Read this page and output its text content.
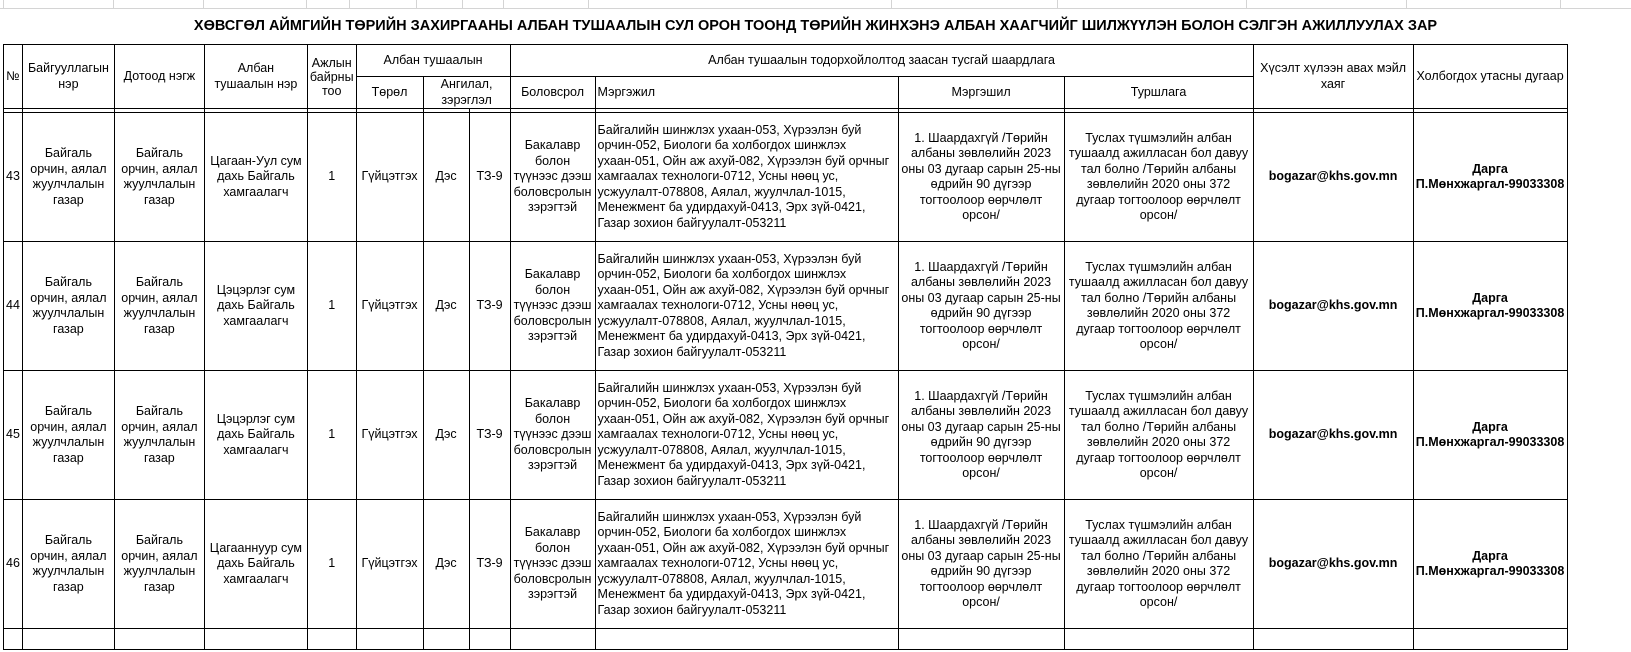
ХӨВСГӨЛ АЙМГИЙН ТӨРИЙН ЗАХИРГААНЫ АЛБАН ТУШААЛЫН СУЛ ОРОН ТООНД ТӨРИЙН ЖИНХЭНЭ АЛБАН ХААГЧИЙГ ШИЛЖҮҮЛЭН БОЛОН СЭЛГЭН АЖИЛЛУУЛАХ ЗАР
№	Байгууллагын нэр	Дотоод нэгж	Албан тушаалын нэр	Ажлын байрны тоо	Албан тушаалын			Албан тушаалын тодорхойлолтод заасан тусгай шаардлага				Хүсэлт хүлээн авах мэйл хаяг	Холбогдох утасны дугаар
					Төрөл	Ангилал, зэрэглэл		Боловсрол	Мэргэжил	Мэргэшил	Туршлага		

43	Байгаль орчин, аялал жуулчлалын газар	Байгаль орчин, аялал жуулчлалын газар	Цагаан-Уул сум дахь Байгаль хамгаалагч	1	Гүйцэтгэх	Дэс	ТЗ-9	Бакалавр болон түүнээс дээш боловсролын зэрэгтэй	Байгалийн шинжлэх ухаан-053, Хүрээлэн буй орчин-052, Биологи ба холбогдох шинжлэх ухаан-051, Ойн аж ахуй-082, Хүрээлэн буй орчныг хамгаалах технологи-0712, Усны нөөц ус, усжуулалт-078808, Аялал, жуулчлал-1015, Менежмент ба удирдахуй-0413, Эрх зүй-0421, Газар зохион байгуулалт-053211	1. Шаардахгүй /Төрийн албаны зөвлөлийн 2023 оны 03 дугаар сарын 25-ны өдрийн 90 дүгээр тогтоолоор өөрчлөлт орсон/	Туслах түшмэлийн албан тушаалд ажилласан бол давуу тал болно /Төрийн албаны зөвлөлийн 2020 оны 372 дугаар тогтоолоор өөрчлөлт орсон/	bogazar@khs.gov.mn	Дарга П.Мөнхжаргал-99033308
44	Байгаль орчин, аялал жуулчлалын газар	Байгаль орчин, аялал жуулчлалын газар	Цэцэрлэг сум дахь Байгаль хамгаалагч	1	Гүйцэтгэх	Дэс	ТЗ-9	Бакалавр болон түүнээс дээш боловсролын зэрэгтэй	Байгалийн шинжлэх ухаан-053, Хүрээлэн буй орчин-052, Биологи ба холбогдох шинжлэх ухаан-051, Ойн аж ахуй-082, Хүрээлэн буй орчныг хамгаалах технологи-0712, Усны нөөц ус, усжуулалт-078808, Аялал, жуулчлал-1015, Менежмент ба удирдахуй-0413, Эрх зүй-0421, Газар зохион байгуулалт-053211	1. Шаардахгүй /Төрийн албаны зөвлөлийн 2023 оны 03 дугаар сарын 25-ны өдрийн 90 дүгээр тогтоолоор өөрчлөлт орсон/	Туслах түшмэлийн албан тушаалд ажилласан бол давуу тал болно /Төрийн албаны зөвлөлийн 2020 оны 372 дугаар тогтоолоор өөрчлөлт орсон/	bogazar@khs.gov.mn	Дарга П.Мөнхжаргал-99033308
45	Байгаль орчин, аялал жуулчлалын газар	Байгаль орчин, аялал жуулчлалын газар	Цэцэрлэг сум дахь Байгаль хамгаалагч	1	Гүйцэтгэх	Дэс	ТЗ-9	Бакалавр болон түүнээс дээш боловсролын зэрэгтэй	Байгалийн шинжлэх ухаан-053, Хүрээлэн буй орчин-052, Биологи ба холбогдох шинжлэх ухаан-051, Ойн аж ахуй-082, Хүрээлэн буй орчныг хамгаалах технологи-0712, Усны нөөц ус, усжуулалт-078808, Аялал, жуулчлал-1015, Менежмент ба удирдахуй-0413, Эрх зүй-0421, Газар зохион байгуулалт-053211	1. Шаардахгүй /Төрийн албаны зөвлөлийн 2023 оны 03 дугаар сарын 25-ны өдрийн 90 дүгээр тогтоолоор өөрчлөлт орсон/	Туслах түшмэлийн албан тушаалд ажилласан бол давуу тал болно /Төрийн албаны зөвлөлийн 2020 оны 372 дугаар тогтоолоор өөрчлөлт орсон/	bogazar@khs.gov.mn	Дарга П.Мөнхжаргал-99033308
46	Байгаль орчин, аялал жуулчлалын газар	Байгаль орчин, аялал жуулчлалын газар	Цагааннуур сум дахь Байгаль хамгаалагч	1	Гүйцэтгэх	Дэс	ТЗ-9	Бакалавр болон түүнээс дээш боловсролын зэрэгтэй	Байгалийн шинжлэх ухаан-053, Хүрээлэн буй орчин-052, Биологи ба холбогдох шинжлэх ухаан-051, Ойн аж ахуй-082, Хүрээлэн буй орчныг хамгаалах технологи-0712, Усны нөөц ус, усжуулалт-078808, Аялал, жуулчлал-1015, Менежмент ба удирдахуй-0413, Эрх зүй-0421, Газар зохион байгуулалт-053211	1. Шаардахгүй /Төрийн албаны зөвлөлийн 2023 оны 03 дугаар сарын 25-ны өдрийн 90 дүгээр тогтоолоор өөрчлөлт орсон/	Туслах түшмэлийн албан тушаалд ажилласан бол давуу тал болно /Төрийн албаны зөвлөлийн 2020 оны 372 дугаар тогтоолоор өөрчлөлт орсон/	bogazar@khs.gov.mn	Дарга П.Мөнхжаргал-99033308
